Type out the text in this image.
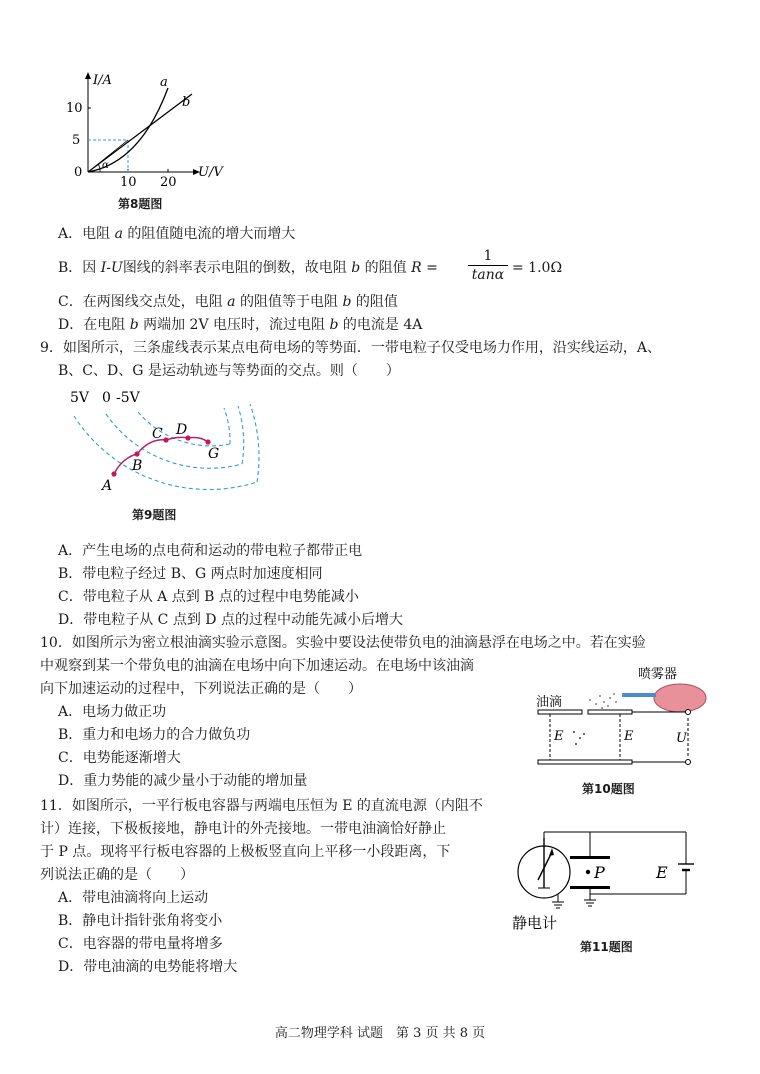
α
I/A
10
5
0
10 20
U/V
a
b
第8题图
A．电阻 a 的阻值随电流的增大而增大
B．因 I-U图线的斜率表示电阻的倒数，故电阻 b 的阻值 R =
1
tanα = 1.0Ω
C．在两图线交点处，电阻 a 的阻值等于电阻 b 的阻值
D．在电阻 b 两端加 2V 电压时，流过电阻 b 的电流是 4A
9．如图所示，三条虚线表示某点电荷电场的等势面．一带电粒子仅受电场力作用，沿实线运动，A、
B、C、D、G 是运动轨迹与等势面的交点。则（　　）
5V 0 -5V
A
B
C D
G
第9题图
A．产生电场的点电荷和运动的带电粒子都带正电
B．带电粒子经过 B、G 两点时加速度相同
C．带电粒子从 A 点到 B 点的过程中电势能减小
D．带电粒子从 C 点到 D 点的过程中动能先减小后增大
10．如图所示为密立根油滴实验示意图。实验中要设法使带负电的油滴悬浮在电场之中。若在实验
中观察到某一个带负电的油滴在电场中向下加速运动。在电场中该油滴
向下加速运动的过程中，下列说法正确的是（　　）
A．电场力做正功
B．重力和电场力的合力做负功
C．电势能逐渐增大
D．重力势能的减少量小于动能的增加量
喷雾器
油滴
E	E	U
第10题图
11．如图所示，一平行板电容器与两端电压恒为 E 的直流电源（内阻不
计）连接，下极板接地，静电计的外壳接地。一带电油滴恰好静止
于 P 点。现将平行板电容器的上极板竖直向上平移一小段距离，下
列说法正确的是（　　）
A．带电油滴将向上运动
B．静电计指针张角将变小
C．电容器的带电量将增多
D．带电油滴的电势能将增大
P	E
静电计
第11题图
高二物理学科 试题　第 3 页 共 8 页
